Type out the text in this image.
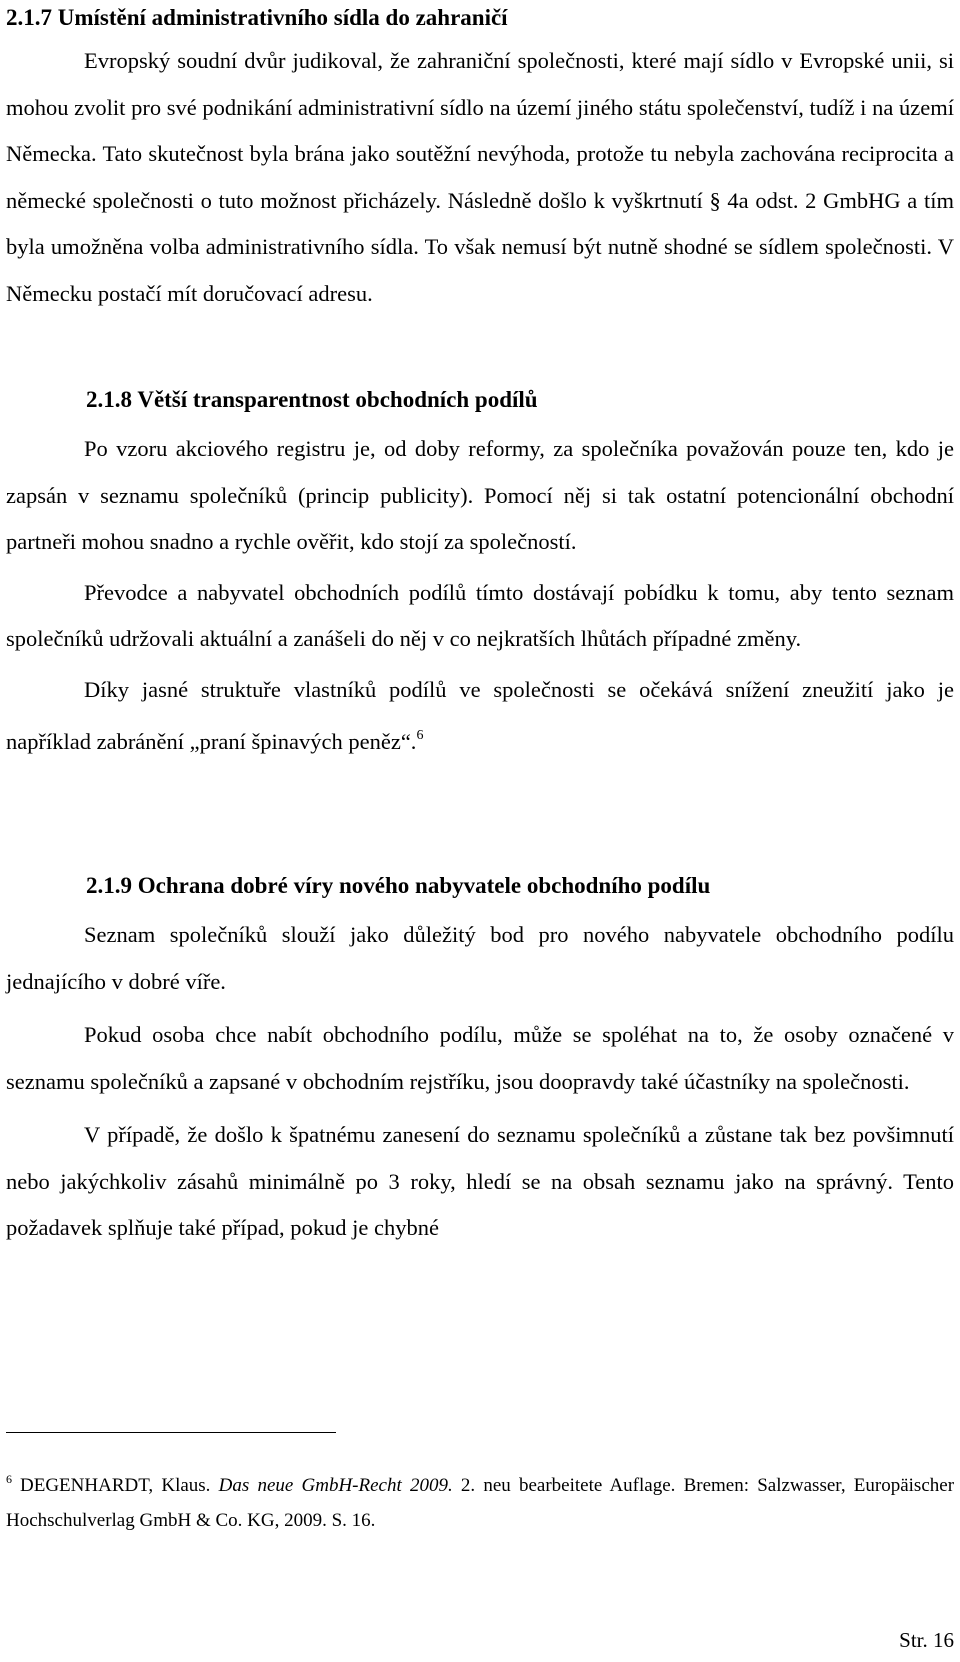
2.1.7 Umístění administrativního sídla do zahraničí

Evropský soudní dvůr judikoval, že zahraniční společnosti, které mají sídlo v Evropské unii, si mohou zvolit pro své podnikání administrativní sídlo na území jiného státu společenství, tudíž i na území Německa. Tato skutečnost byla brána jako soutěžní nevýhoda, protože tu nebyla zachována reciprocita a německé společnosti o tuto možnost přicházely. Následně došlo k vyškrtnutí § 4a odst. 2 GmbHG a tím byla umožněna volba administrativního sídla. To však nemusí být nutně shodné se sídlem společnosti. V Německu postačí mít doručovací adresu.

2.1.8 Větší transparentnost obchodních podílů

Po vzoru akciového registru je, od doby reformy, za společníka považován pouze ten, kdo je zapsán v seznamu společníků (princip publicity). Pomocí něj si tak ostatní potencionální obchodní partneři mohou snadno a rychle ověřit, kdo stojí za společností.

Převodce a nabyvatel obchodních podílů tímto dostávají pobídku k tomu, aby tento seznam společníků udržovali aktuální a zanášeli do něj v co nejkratších lhůtách případné změny.

Díky jasné struktuře vlastníků podílů ve společnosti se očekává snížení zneužití jako je například zabránění „praní špinavých peněz“.$^6$

2.1.9 Ochrana dobré víry nového nabyvatele obchodního podílu

Seznam společníků slouží jako důležitý bod pro nového nabyvatele obchodního podílu jednajícího v dobré víře.

Pokud osoba chce nabít obchodního podílu, může se spoléhat na to, že osoby označené v seznamu společníků a zapsané v obchodním rejstříku, jsou doopravdy také účastníky na společnosti.

V případě, že došlo k špatnému zanesení do seznamu společníků a zůstane tak bez povšimnutí nebo jakýchkoliv zásahů minimálně po 3 roky, hledí se na obsah seznamu jako na správný. Tento požadavek splňuje také případ, pokud je chybné

$^6$ DEGENHARDT, Klaus. Das neue GmbH-Recht 2009. 2. neu bearbeitete Auflage. Bremen: Salzwasser, Europäischer Hochschulverlag GmbH & Co. KG, 2009. S. 16.
Str. 16
